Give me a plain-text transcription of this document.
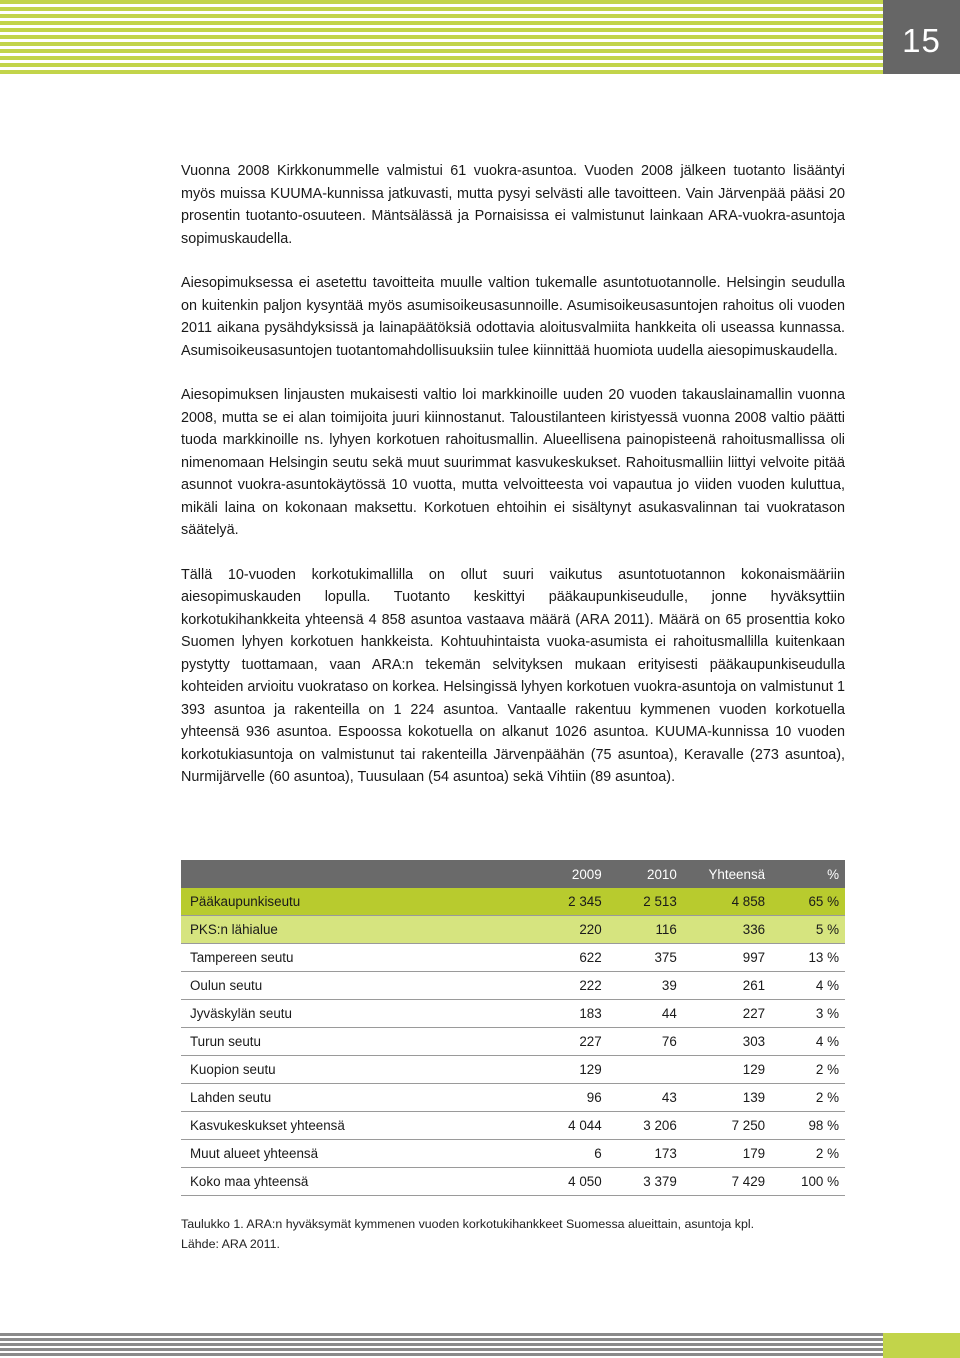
15

Vuonna 2008 Kirkkonummelle valmistui 61 vuokra-asuntoa. Vuoden 2008 jälkeen tuotanto lisääntyi myös muissa KUUMA-kunnissa jatkuvasti, mutta pysyi selvästi alle tavoitteen. Vain Järvenpää pääsi 20 prosentin tuotanto-osuuteen. Mäntsälässä ja Pornaisissa ei valmistunut lainkaan ARA-vuokra-asuntoja sopimuskaudella.

Aiesopimuksessa ei asetettu tavoitteita muulle valtion tukemalle asuntotuotannolle. Helsingin seudulla on kuitenkin paljon kysyntää myös asumisoikeusasunnoille. Asumisoikeusasuntojen rahoitus oli vuoden 2011 aikana pysähdyksissä ja lainapäätöksiä odottavia aloitusvalmiita hankkeita oli useassa kunnassa. Asumisoikeusasuntojen tuotantomahdollisuuksiin tulee kiinnittää huomiota uudella aiesopimuskaudella.

Aiesopimuksen linjausten mukaisesti valtio loi markkinoille uuden 20 vuoden takauslainamallin vuonna 2008, mutta se ei alan toimijoita juuri kiinnostanut. Taloustilanteen kiristyessä vuonna 2008 valtio päätti tuoda markkinoille ns. lyhyen korkotuen rahoitusmallin. Alueellisena painopisteenä rahoitusmallissa oli nimenomaan Helsingin seutu sekä muut suurimmat kasvukeskukset. Rahoitusmalliin liittyi velvoite pitää asunnot vuokra-asuntokäytössä 10 vuotta, mutta velvoitteesta voi vapautua jo viiden vuoden kuluttua, mikäli laina on kokonaan maksettu. Korkotuen ehtoihin ei sisältynyt asukasvalinnan tai vuokratason säätelyä.

Tällä 10-vuoden korkotukimallilla on ollut suuri vaikutus asuntotuotannon kokonaismääriin aiesopimuskauden lopulla. Tuotanto keskittyi pääkaupunkiseudulle, jonne hyväksyttiin korkotukihankkeita yhteensä 4 858 asuntoa vastaava määrä (ARA 2011). Määrä on 65 prosenttia koko Suomen lyhyen korkotuen hankkeista. Kohtuuhintaista vuoka-asumista ei rahoitusmallilla kuitenkaan pystytty tuottamaan, vaan ARA:n tekemän selvityksen mukaan erityisesti pääkaupunkiseudulla kohteiden arvioitu vuokrataso on korkea. Helsingissä lyhyen korkotuen vuokra-asuntoja on valmistunut 1 393 asuntoa ja rakenteilla on 1 224 asuntoa. Vantaalle rakentuu kymmenen vuoden korkotuella yhteensä 936 asuntoa. Espoossa kokotuella on alkanut 1026 asuntoa. KUUMA-kunnissa 10 vuoden korkotukiasuntoja on valmistunut tai rakenteilla Järvenpäähän (75 asuntoa), Keravalle (273 asuntoa), Nurmijärvelle (60 asuntoa), Tuusulaan (54 asuntoa) sekä Vihtiin (89 asuntoa).

	2009	2010	Yhteensä	%
Pääkaupunkiseutu	2 345	2 513	4 858	65 %
PKS:n lähialue	220	116	336	5 %
Tampereen seutu	622	375	997	13 %
Oulun seutu	222	39	261	4 %
Jyväskylän seutu	183	44	227	3 %
Turun seutu	227	76	303	4 %
Kuopion seutu	129		129	2 %
Lahden seutu	96	43	139	2 %
Kasvukeskukset yhteensä	4 044	3 206	7 250	98 %
Muut alueet yhteensä	6	173	179	2 %
Koko maa yhteensä	4 050	3 379	7 429	100 %
Taulukko 1. ARA:n hyväksymät kymmenen vuoden korkotukihankkeet Suomessa alueittain, asuntoja kpl.
Lähde: ARA 2011.
